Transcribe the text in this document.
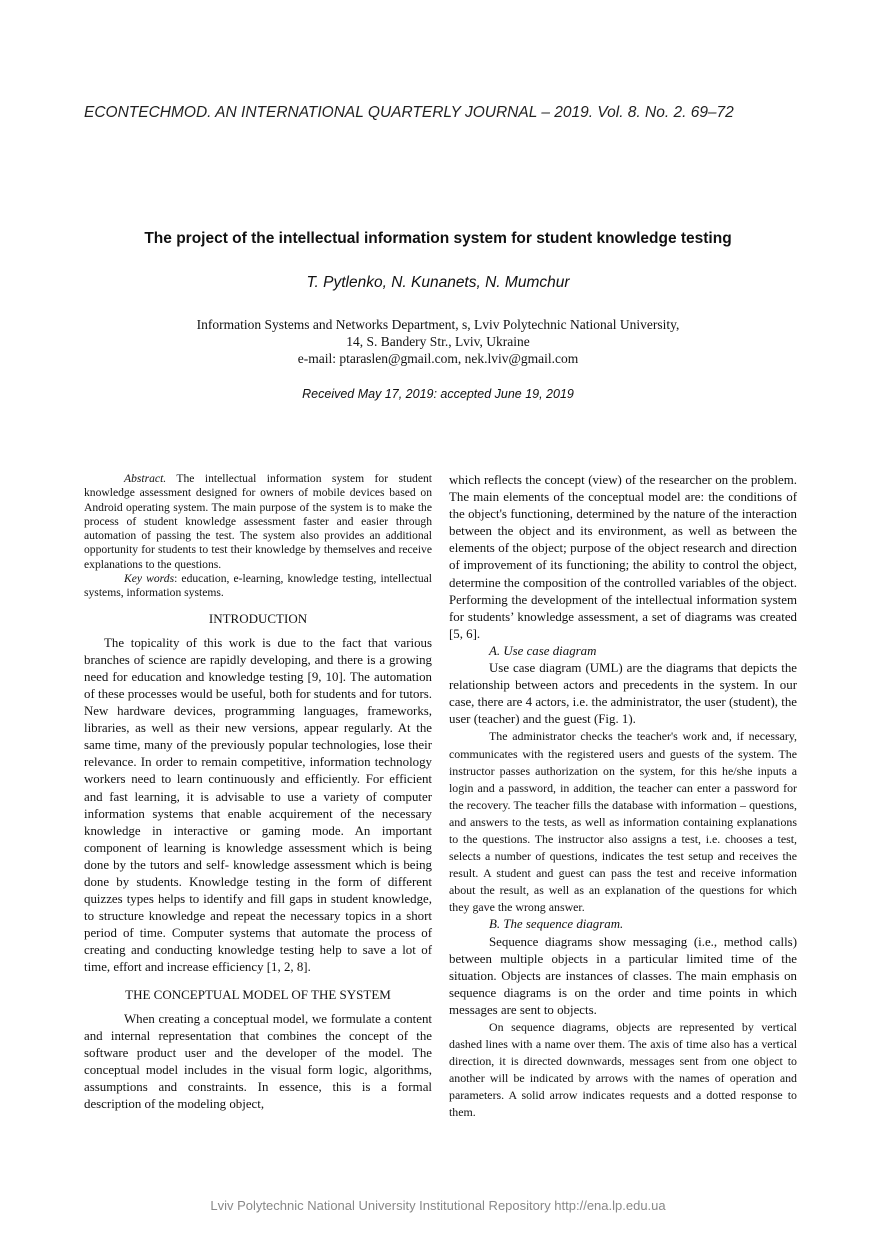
ECONTECHMOD. AN INTERNATIONAL QUARTERLY JOURNAL – 2019. Vol. 8. No. 2. 69–72
The project of the intellectual information system for student knowledge testing
T. Pytlenko, N. Kunanets, N. Mumchur
Information Systems and Networks Department, s, Lviv Polytechnic National University,
14, S. Bandery Str., Lviv, Ukraine
e-mail: ptaraslen@gmail.com, nek.lviv@gmail.com
Received May 17, 2019: accepted June 19, 2019

Abstract. The intellectual information system for student knowledge assessment designed for owners of mobile devices based on Android operating system. The main purpose of the system is to make the process of student knowledge assessment faster and easier through automation of passing the test. The system also provides an additional opportunity for students to test their knowledge by themselves and receive explanations to the questions.

Key words: education, e-learning, knowledge testing, intellectual systems, information systems.

INTRODUCTION

The topicality of this work is due to the fact that various branches of science are rapidly developing, and there is a growing need for education and knowledge testing [9, 10]. The automation of these processes would be useful, both for students and for tutors. New hardware devices, programming languages, frameworks, libraries, as well as their new versions, appear regularly. At the same time, many of the previously popular technologies, lose their relevance. In order to remain competitive, information technology workers need to learn continuously and efficiently. For efficient and fast learning, it is advisable to use a variety of computer information systems that enable acquirement of the necessary knowledge in interactive or gaming mode. An important component of learning is knowledge assessment which is being done by the tutors and self- knowledge assessment which is being done by students. Knowledge testing in the form of different quizzes types helps to identify and fill gaps in student knowledge, to structure knowledge and repeat the necessary topics in a short period of time. Computer systems that automate the process of creating and conducting knowledge testing help to save a lot of time, effort and increase efficiency [1, 2, 8].

THE CONCEPTUAL MODEL OF THE SYSTEM

When creating a conceptual model, we formulate a content and internal representation that combines the concept of the software product user and the developer of the model. The conceptual model includes in the visual form logic, algorithms, assumptions and constraints. In essence, this is a formal description of the modeling object,

which reflects the concept (view) of the researcher on the problem. The main elements of the conceptual model are: the conditions of the object's functioning, determined by the nature of the interaction between the object and its environment, as well as between the elements of the object; purpose of the object research and direction of improvement of its functioning; the ability to control the object, determine the composition of the controlled variables of the object. Performing the development of the intellectual information system for students’ knowledge assessment, a set of diagrams was created [5, 6].

A. Use case diagram

Use case diagram (UML) are the diagrams that depicts the relationship between actors and precedents in the system. In our case, there are 4 actors, i.e. the administrator, the user (student), the user (teacher) and the guest (Fig. 1).

The administrator checks the teacher's work and, if necessary, communicates with the registered users and guests of the system. The instructor passes authorization on the system, for this he/she inputs a login and a password, in addition, the teacher can enter a password for the recovery. The teacher fills the database with information – questions, and answers to the tests, as well as information containing explanations to the questions. The instructor also assigns a test, i.e. chooses a test, selects a number of questions, indicates the test setup and receives the result. A student and guest can pass the test and receive information about the result, as well as an explanation of the questions for which they gave the wrong answer.

B. The sequence diagram.

Sequence diagrams show messaging (i.e., method calls) between multiple objects in a particular limited time of the situation. Objects are instances of classes. The main emphasis on sequence diagrams is on the order and time points in which messages are sent to objects.

On sequence diagrams, objects are represented by vertical dashed lines with a name over them. The axis of time also has a vertical direction, it is directed downwards, messages sent from one object to another will be indicated by arrows with the names of operation and parameters. A solid arrow indicates requests and a dotted response to them.

Lviv Polytechnic National University Institutional Repository http://ena.lp.edu.ua
